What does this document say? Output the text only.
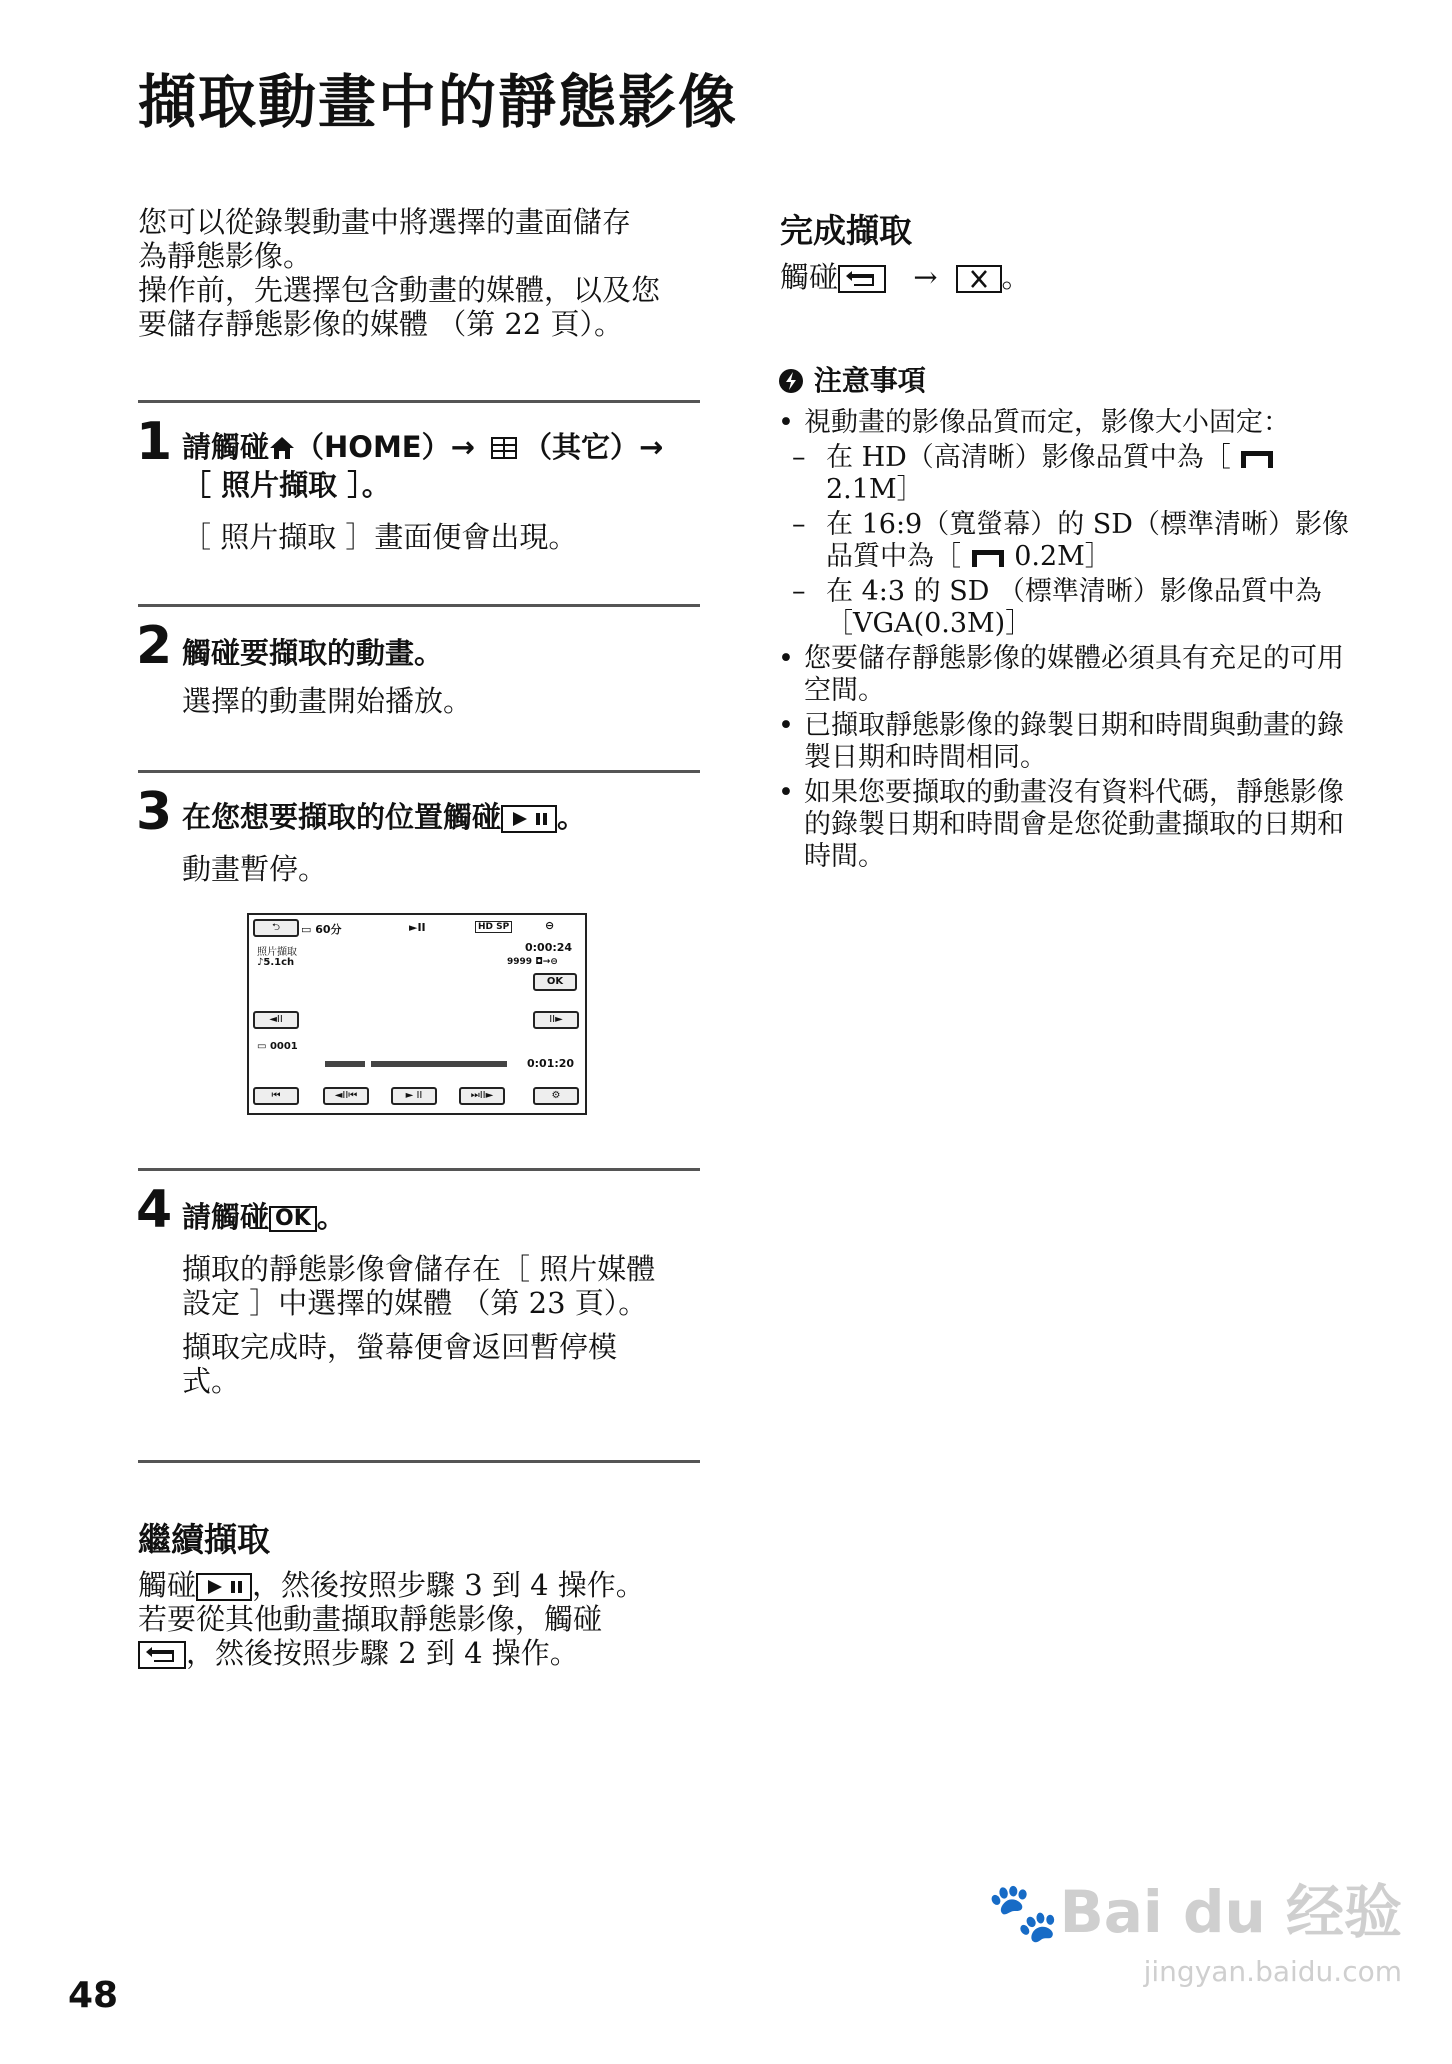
擷取動畫中的靜態影像
您可以從錄製動畫中將選擇的畫面儲存
為靜態影像。
操作前，先選擇包含動畫的媒體，以及您
要儲存靜態影像的媒體 （第 22 頁）。
1 請觸碰 （HOME）→ （其它）→
［ 照片擷取 ］。
［ 照片擷取 ］畫面便會出現。
2 觸碰要擷取的動畫。
選擇的動畫開始播放。
3 在您想要擷取的位置觸碰 。
動畫暫停。
⮌	▭ 60分	►II	HD SP	⊖
照片擷取
♪5.1ch
0:00:24
9999 ◘→⊖
OK
◄II	II►
▭ 0001
0:01:20
⏮	◄II⏮	► II	⏭II►	⚙
4 請觸碰 OK 。
擷取的靜態影像會儲存在［ 照片媒體
設定 ］中選擇的媒體 （第 23 頁）。
擷取完成時，螢幕便會返回暫停模
式。
繼續擷取
觸碰 ，然後按照步驟 3 到 4 操作。
若要從其他動畫擷取靜態影像，觸碰
，然後按照步驟 2 到 4 操作。
完成擷取
觸碰	→ 。
注意事項
• 視動畫的影像品質而定，影像大小固定：
– 在 HD（高清晰）影像品質中為［  2.1M］
– 在 16:9（寬螢幕）的 SD（標準清晰）影像
品質中為［ 0.2M］
– 在 4:3 的 SD （標準清晰）影像品質中為
［VGA(0.3M)］
• 您要儲存靜態影像的媒體必須具有充足的可用空間。
• 已擷取靜態影像的錄製日期和時間與動畫的錄製日期和時間相同。
• 如果您要擷取的動畫沒有資料代碼，靜態影像的錄製日期和時間會是您從動畫擷取的日期和時間。
48
🐾Bai du 经验
jingyan.baidu.com
